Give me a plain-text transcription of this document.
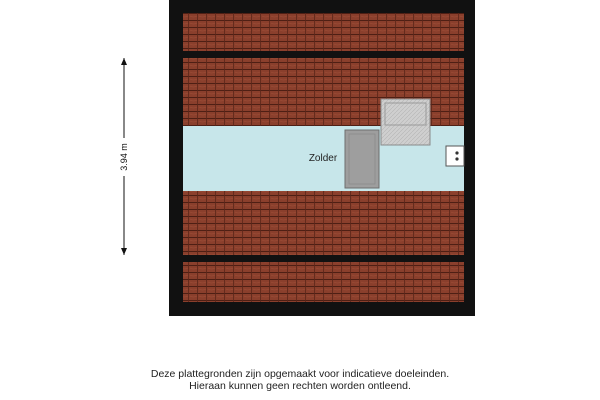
Zolder
3.94 m
Deze plattegronden zijn opgemaakt voor indicatieve doeleinden.
Hieraan kunnen geen rechten worden ontleend.
